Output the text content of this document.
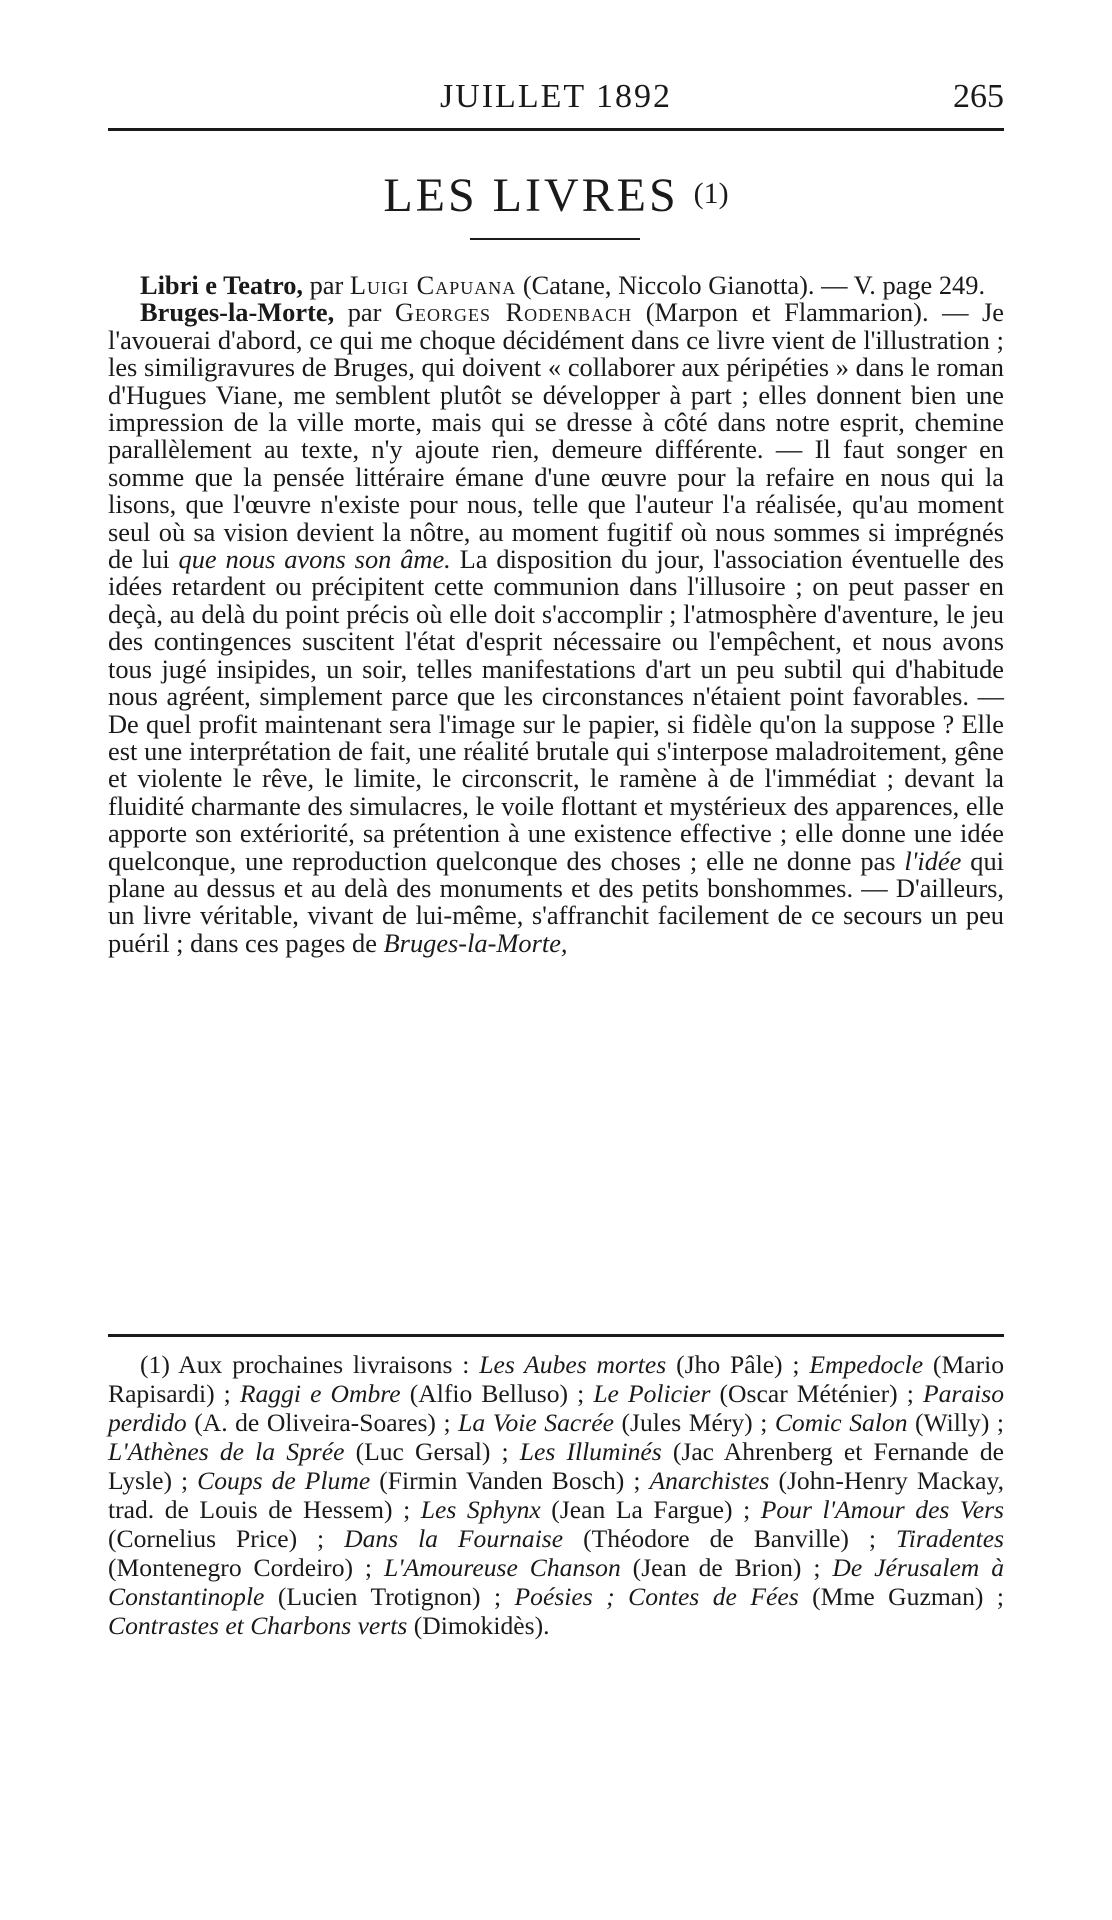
JUILLET 1892	265
LES LIVRES (1)

Libri e Teatro, par Luigi Capuana (Catane, Niccolo Gianotta). — V. page 249.

Bruges-la-Morte, par Georges Rodenbach (Marpon et Flammarion). — Je l'avouerai d'abord, ce qui me choque décidément dans ce livre vient de l'illustration ; les similigravures de Bruges, qui doivent « collaborer aux péripéties » dans le roman d'Hugues Viane, me semblent plutôt se développer à part ; elles donnent bien une impression de la ville morte, mais qui se dresse à côté dans notre esprit, chemine parallèlement au texte, n'y ajoute rien, demeure différente. — Il faut songer en somme que la pensée littéraire émane d'une œuvre pour la refaire en nous qui la lisons, que l'œuvre n'existe pour nous, telle que l'auteur l'a réalisée, qu'au moment seul où sa vision devient la nôtre, au moment fugitif où nous sommes si imprégnés de lui que nous avons son âme. La disposition du jour, l'association éventuelle des idées retardent ou précipitent cette communion dans l'illusoire ; on peut passer en deçà, au delà du point précis où elle doit s'accomplir ; l'atmosphère d'aventure, le jeu des contingences suscitent l'état d'esprit nécessaire ou l'empêchent, et nous avons tous jugé insipides, un soir, telles manifestations d'art un peu subtil qui d'habitude nous agréent, simplement parce que les circonstances n'étaient point favorables. — De quel profit maintenant sera l'image sur le papier, si fidèle qu'on la suppose ? Elle est une interprétation de fait, une réalité brutale qui s'interpose maladroitement, gêne et violente le rêve, le limite, le circonscrit, le ramène à de l'immédiat ; devant la fluidité charmante des simulacres, le voile flottant et mystérieux des apparences, elle apporte son extériorité, sa prétention à une existence effective ; elle donne une idée quelconque, une reproduction quelconque des choses ; elle ne donne pas l'idée qui plane au dessus et au delà des monuments et des petits bonshommes. — D'ailleurs, un livre véritable, vivant de lui-même, s'affranchit facilement de ce secours un peu puéril ; dans ces pages de Bruges-la-Morte,

(1) Aux prochaines livraisons : Les Aubes mortes (Jho Pâle) ; Empedocle (Mario Rapisardi) ; Raggi e Ombre (Alfio Belluso) ; Le Policier (Oscar Méténier) ; Paraiso perdido (A. de Oliveira-Soares) ; La Voie Sacrée (Jules Méry) ; Comic Salon (Willy) ; L'Athènes de la Sprée (Luc Gersal) ; Les Illuminés (Jac Ahrenberg et Fernande de Lysle) ; Coups de Plume (Firmin Vanden Bosch) ; Anarchistes (John-Henry Mackay, trad. de Louis de Hessem) ; Les Sphynx (Jean La Fargue) ; Pour l'Amour des Vers (Cornelius Price) ; Dans la Fournaise (Théodore de Banville) ; Tiradentes (Montenegro Cordeiro) ; L'Amoureuse Chanson (Jean de Brion) ; De Jérusalem à Constantinople (Lucien Trotignon) ; Poésies ; Contes de Fées (Mme Guzman) ; Contrastes et Charbons verts (Dimokidès).
